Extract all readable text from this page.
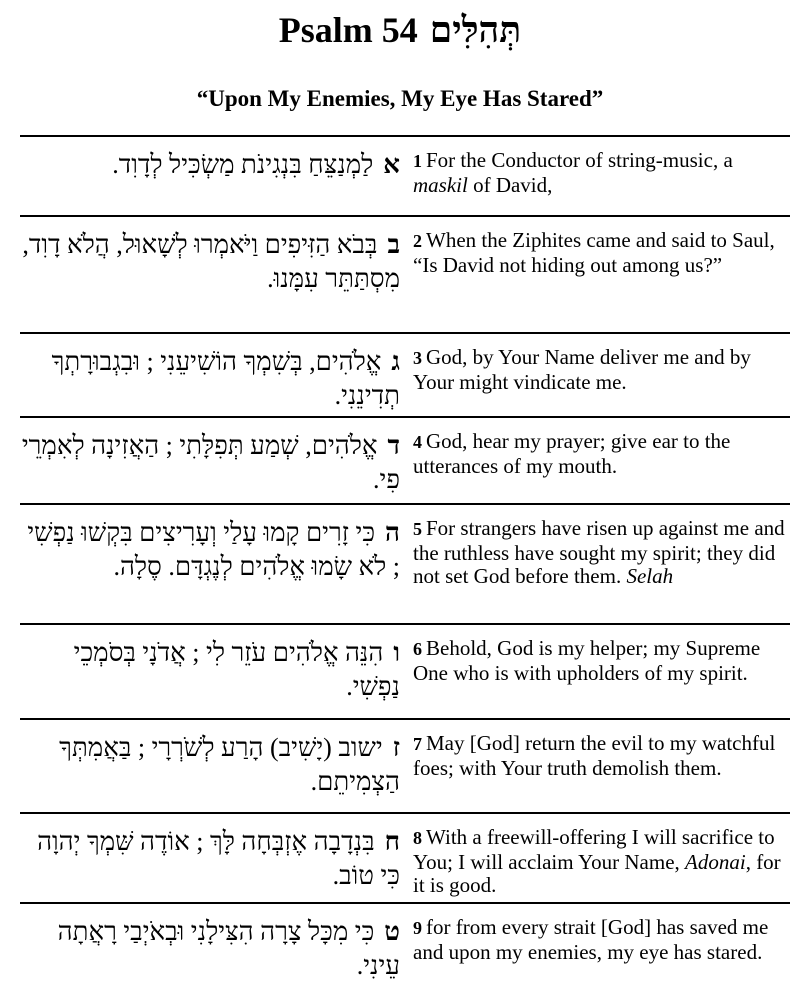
Psalm 54 תְּהִלִּים
“Upon My Enemies, My Eye Has Stared”
אלַמְנַצֵּחַ בִּנְגִינֹת מַשְׂכִּיל לְדָוִד.	1 For the Conductor of string-music, a maskil of David,
בבְּבֹא הַזִּיפִים וַיֹּאמְרוּ לְשָׁאוּל, הֲלֹא דָוִד, מִסְתַּתֵּר עִמָּנוּ.
2 When the Ziphites came and said to Saul, “Is David not hiding out among us?”
גאֱלֹהִים, בְּשִׁמְךָ הוֹשִׁיעֵנִי ; וּבִגְבוּרָתְךָ תְדִינֵנִי.
3 God, by Your Name deliver me and by Your might vindicate me.
דאֱלֹהִים, שְׁמַע תְּפִלָּתִי ; הַאֲזִינָה לְאִמְרֵי פִי.
4 God, hear my prayer; give ear to the utterances of my mouth.
הכִּי זָרִים קָמוּ עָלַי וְעָרִיצִים בִּקְשׁוּ נַפְשִׁי ; לֹא שָׂמוּ אֱלֹהִים לְנֶגְדָּם. סֶלָה.
5 For strangers have risen up against me and the ruthless have sought my spirit; they did not set God before them. Selah
והִנֵּה אֱלֹהִים עֹזֵר לִי ; אֲדֹנָי בְּסֹמְכֵי נַפְשִׁי.
6 Behold, God is my helper; my Supreme One who is with upholders of my spirit.
זישוב (יָשִׁיב) הָרַע לְשֹׁרְרָי ; בַּאֲמִתְּךָ הַצְמִיתֵם.
7 May [God] return the evil to my watchful foes; with Your truth demolish them.
חבִּנְדָבָה אֶזְבְּחָה לָּךְ ; אוֹדֶה שִּׁמְךָ יְהוָה כִּי טוֹב.
8 With a freewill-offering I will sacrifice to You; I will acclaim Your Name, Adonai, for it is good.
טכִּי מִכָּל צָרָה הִצִּילָנִי וּבְאֹיְבַי רָאֲתָה עֵינִי.
9 for from every strait [God] has saved me and upon my enemies, my eye has stared.
